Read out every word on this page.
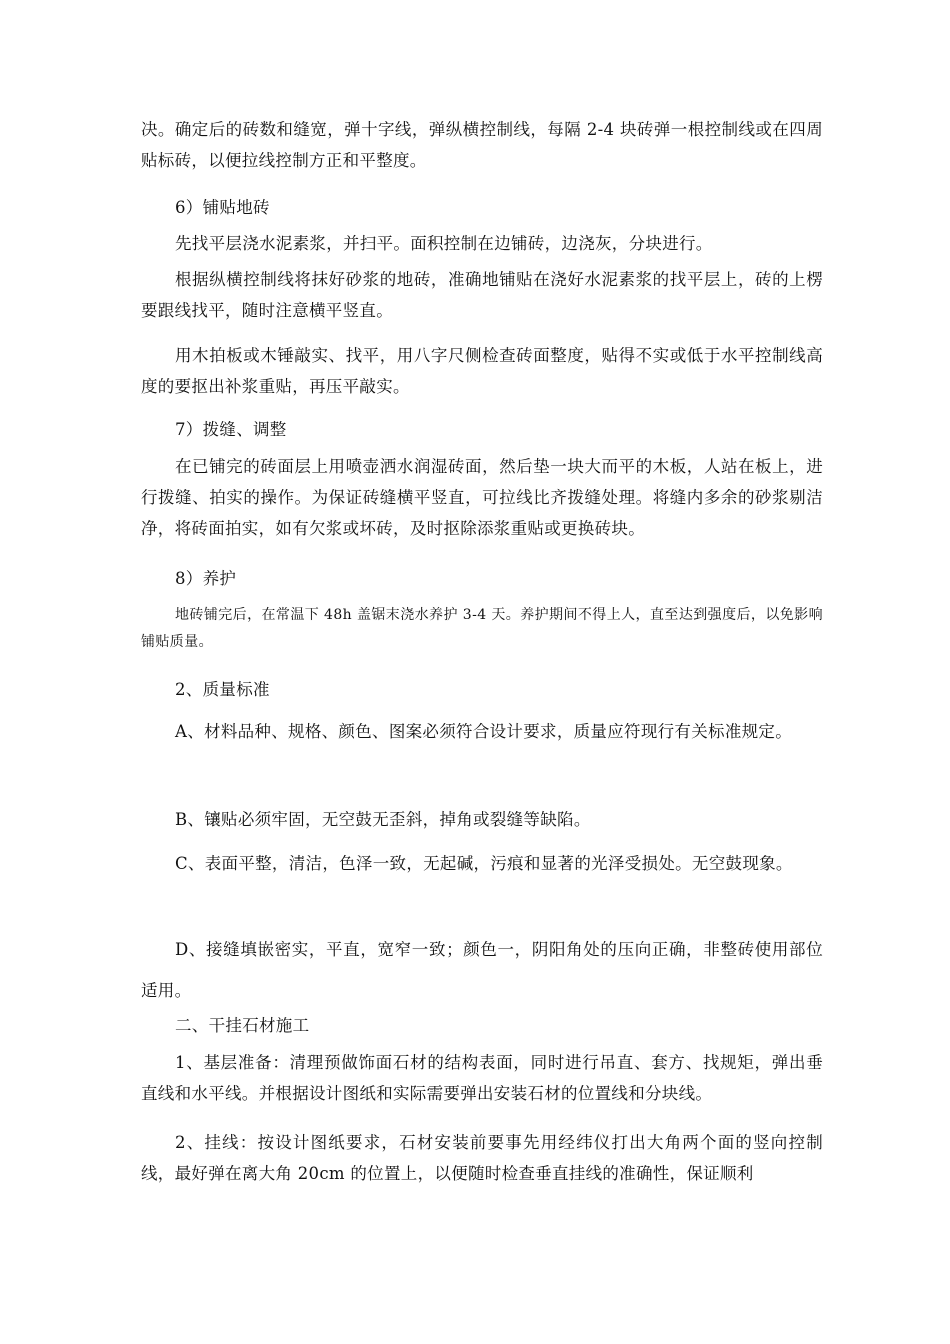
决。确定后的砖数和缝宽，弹十字线，弹纵横控制线，每隔 2-4 块砖弹一根控制线或在四周贴标砖，以便拉线控制方正和平整度。

6）铺贴地砖

先找平层浇水泥素浆，并扫平。面积控制在边铺砖，边浇灰，分块进行。

根据纵横控制线将抹好砂浆的地砖，准确地铺贴在浇好水泥素浆的找平层上，砖的上楞要跟线找平，随时注意横平竖直。

用木拍板或木锤敲实、找平，用八字尺侧检查砖面整度，贴得不实或低于水平控制线高度的要抠出补浆重贴，再压平敲实。

7）拨缝、调整

在已铺完的砖面层上用喷壶洒水润湿砖面，然后垫一块大而平的木板，人站在板上，进行拨缝、拍实的操作。为保证砖缝横平竖直，可拉线比齐拨缝处理。将缝内多余的砂浆剔洁净，将砖面拍实，如有欠浆或坏砖，及时抠除添浆重贴或更换砖块。

8）养护

地砖铺完后，在常温下 48h 盖锯末浇水养护 3-4 天。养护期间不得上人，直至达到强度后，以免影响铺贴质量。

2、质量标准

A、材料品种、规格、颜色、图案必须符合设计要求，质量应符现行有关标准规定。

B、镶贴必须牢固，无空鼓无歪斜，掉角或裂缝等缺陷。

C、表面平整，清洁，色泽一致，无起碱，污痕和显著的光泽受损处。无空鼓现象。

D、接缝填嵌密实，平直，宽窄一致；颜色一，阴阳角处的压向正确，非整砖使用部位适用。

二、干挂石材施工

1、基层准备：清理预做饰面石材的结构表面，同时进行吊直、套方、找规矩，弹出垂直线和水平线。并根据设计图纸和实际需要弹出安装石材的位置线和分块线。

2、挂线：按设计图纸要求，石材安装前要事先用经纬仪打出大角两个面的竖向控制线，最好弹在离大角 20cm 的位置上，以便随时检查垂直挂线的准确性，保证顺利
